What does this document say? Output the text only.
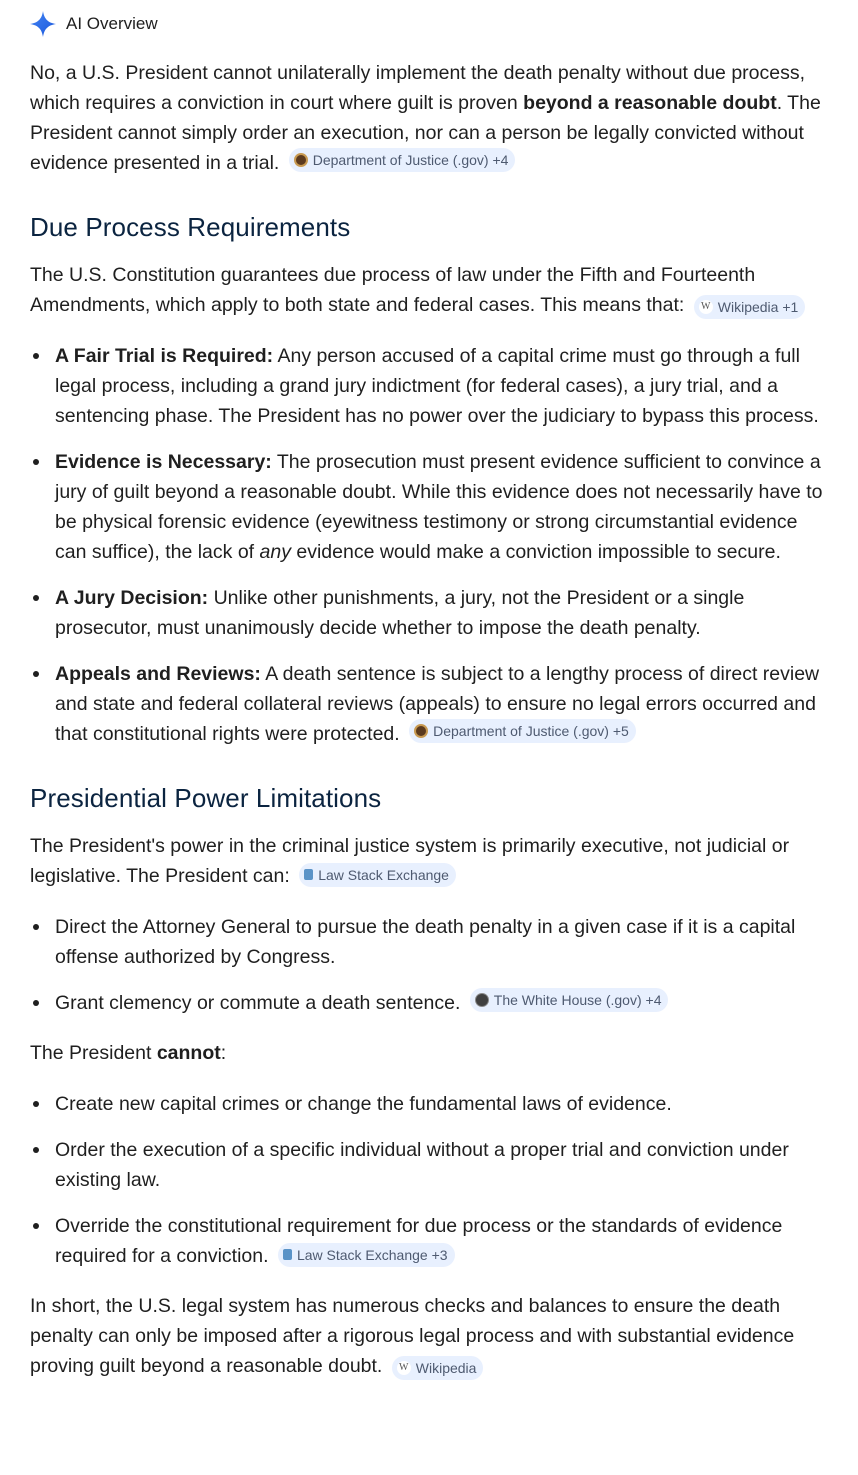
AI Overview

No, a U.S. President cannot unilaterally implement the death penalty without due process, which requires a conviction in court where guilt is proven beyond a reasonable doubt. The President cannot simply order an execution, nor can a person be legally convicted without evidence presented in a trial. Department of Justice (.gov) +4

Due Process Requirements

The U.S. Constitution guarantees due process of law under the Fifth and Fourteenth Amendments, which apply to both state and federal cases. This means that: W Wikipedia +1

A Fair Trial is Required: Any person accused of a capital crime must go through a full legal process, including a grand jury indictment (for federal cases), a jury trial, and a sentencing phase. The President has no power over the judiciary to bypass this process.
Evidence is Necessary: The prosecution must present evidence sufficient to convince a jury of guilt beyond a reasonable doubt. While this evidence does not necessarily have to be physical forensic evidence (eyewitness testimony or strong circumstantial evidence can suffice), the lack of any evidence would make a conviction impossible to secure.
A Jury Decision: Unlike other punishments, a jury, not the President or a single prosecutor, must unanimously decide whether to impose the death penalty.
Appeals and Reviews: A death sentence is subject to a lengthy process of direct review and state and federal collateral reviews (appeals) to ensure no legal errors occurred and that constitutional rights were protected. Department of Justice (.gov) +5
Presidential Power Limitations

The President's power in the criminal justice system is primarily executive, not judicial or legislative. The President can: Law Stack Exchange

Direct the Attorney General to pursue the death penalty in a given case if it is a capital offense authorized by Congress.
Grant clemency or commute a death sentence. The White House (.gov) +4

The President cannot:

Create new capital crimes or change the fundamental laws of evidence.
Order the execution of a specific individual without a proper trial and conviction under existing law.
Override the constitutional requirement for due process or the standards of evidence required for a conviction. Law Stack Exchange +3

In short, the U.S. legal system has numerous checks and balances to ensure the death penalty can only be imposed after a rigorous legal process and with substantial evidence proving guilt beyond a reasonable doubt. W Wikipedia
